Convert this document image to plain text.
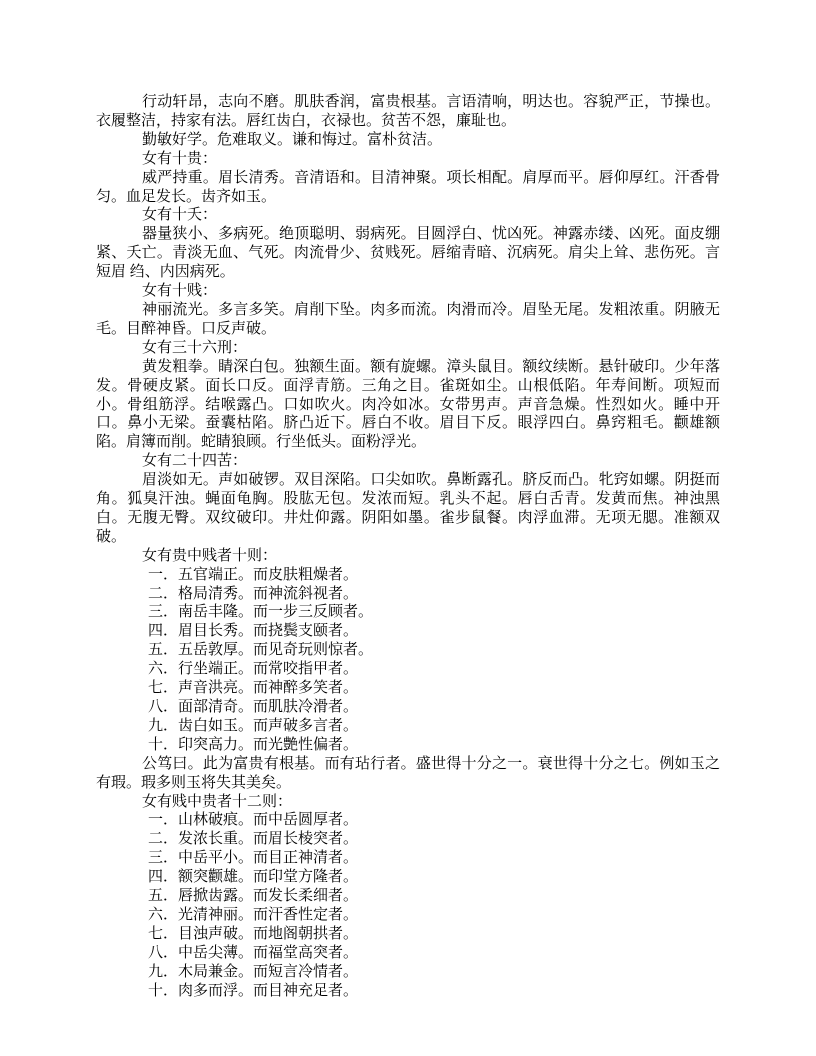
行动轩昂，志向不磨。肌肤香润，富贵根基。言语清响，明达也。容貌严正，节操也。衣履整洁，持家有法。唇红齿白，衣禄也。贫苦不怨，廉耻也。

勤敏好学。危难取义。谦和悔过。富朴贫洁。

女有十贵：

威严持重。眉长清秀。音清语和。目清神聚。项长相配。肩厚而平。唇仰厚红。汗香骨匀。血足发长。齿齐如玉。

女有十夭：

器量狭小、多病死。绝顶聪明、弱病死。目圆浮白、忧凶死。神露赤缕、凶死。面皮绷紧、夭亡。青淡无血、气死。肉流骨少、贫贱死。唇缩青暗、沉病死。肩尖上耸、悲伤死。言短眉 绉、内因病死。

女有十贱：

神丽流光。多言多笑。肩削下坠。肉多而流。肉滑而冷。眉坠无尾。发粗浓重。阴腋无毛。目醉神昏。口反声破。

女有三十六刑：

黄发粗拳。睛深白包。独额生面。额有旋螺。漳头鼠目。额纹续断。悬针破印。少年落发。骨硬皮紧。面长口反。面浮青筋。三角之目。雀斑如尘。山根低陷。年寿间断。项短而小。骨组筋浮。结喉露凸。口如吹火。肉冷如冰。女带男声。声音急燥。性烈如火。睡中开口。鼻小无梁。蚕囊枯陷。脐凸近下。唇白不收。眉目下反。眼浮四白。鼻窍粗毛。颧雄额陷。肩簿而削。蛇睛狼顾。行坐低头。面粉浮光。

女有二十四苦：

眉淡如无。声如破锣。双目深陷。口尖如吹。鼻断露孔。脐反而凸。牝窍如螺。阴挺而角。狐臭汗浊。蝇面龟胸。股肱无包。发浓而短。乳头不起。唇白舌青。发黄而焦。神浊黑白。无腹无臀。双纹破印。井灶仰露。阴阳如墨。雀步鼠餐。肉浮血滞。无项无腮。准额双破。

女有贵中贱者十则：

一．五官端正。而皮肤粗燥者。

二．格局清秀。而神流斜视者。

三．南岳丰隆。而一步三反顾者。

四．眉目长秀。而挠鬓支颐者。

五．五岳敦厚。而见奇玩则惊者。

六．行坐端正。而常咬指甲者。

七．声音洪亮。而神醉多笑者。

八．面部清奇。而肌肤冷滑者。

九．齿白如玉。而声破多言者。

十．印突高力。而光艶性偏者。

公笃曰。此为富贵有根基。而有玷行者。盛世得十分之一。衰世得十分之七。例如玉之有瑕。瑕多则玉将失其美矣。

女有贱中贵者十二则：

一．山林破痕。而中岳圆厚者。

二．发浓长重。而眉长棱突者。

三．中岳平小。而目正神清者。

四．额突颧雄。而印堂方隆者。

五．唇掀齿露。而发长柔细者。

六．光清神丽。而汗香性定者。

七．目浊声破。而地阁朝拱者。

八．中岳尖薄。而福堂高突者。

九．木局兼金。而短言冷情者。

十．肉多而浮。而目神充足者。
